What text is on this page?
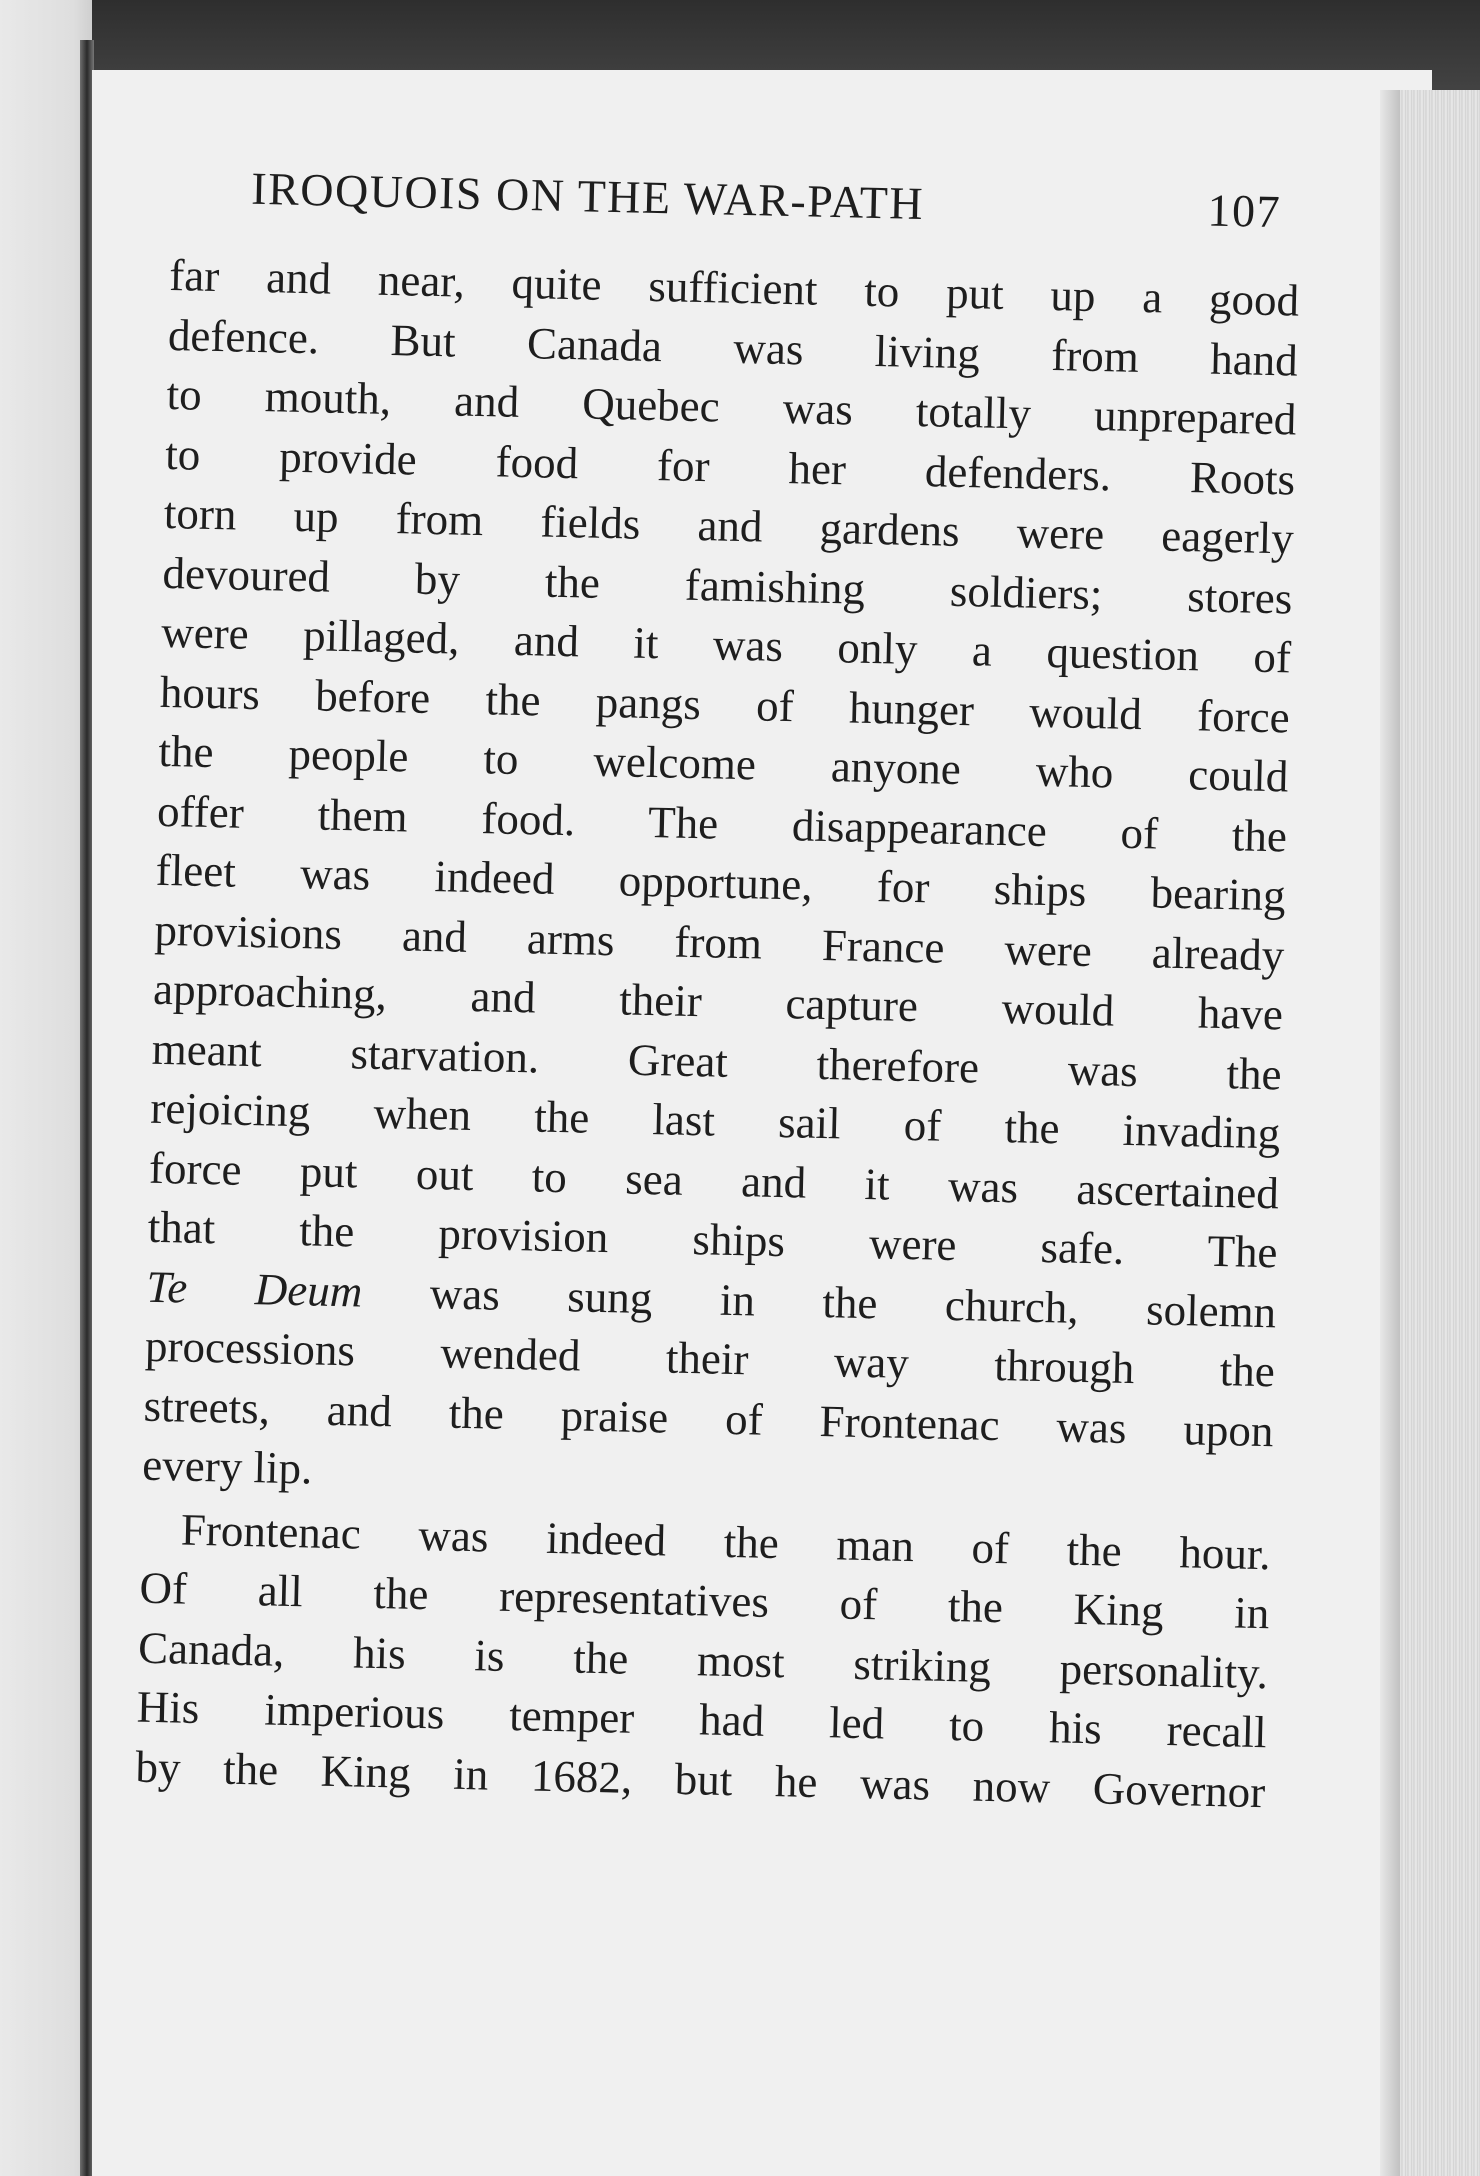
IROQUOIS ON THE WAR-PATH	107
far and near, quite sufficient to put up a good
defence. But Canada was living from hand
to mouth, and Quebec was totally unprepared
to provide food for her defenders. Roots
torn up from fields and gardens were eagerly
devoured by the famishing soldiers; stores
were pillaged, and it was only a question of
hours before the pangs of hunger would force
the people to welcome anyone who could
offer them food. The disappearance of the
fleet was indeed opportune, for ships bearing
provisions and arms from France were already
approaching, and their capture would have
meant starvation. Great therefore was the
rejoicing when the last sail of the invading
force put out to sea and it was ascertained
that the provision ships were safe. The
Te Deum was sung in the church, solemn
processions wended their way through the
streets, and the praise of Frontenac was upon
every lip.
Frontenac was indeed the man of the hour.
Of all the representatives of the King in
Canada, his is the most striking personality.
His imperious temper had led to his recall
by the King in 1682, but he was now Governor
